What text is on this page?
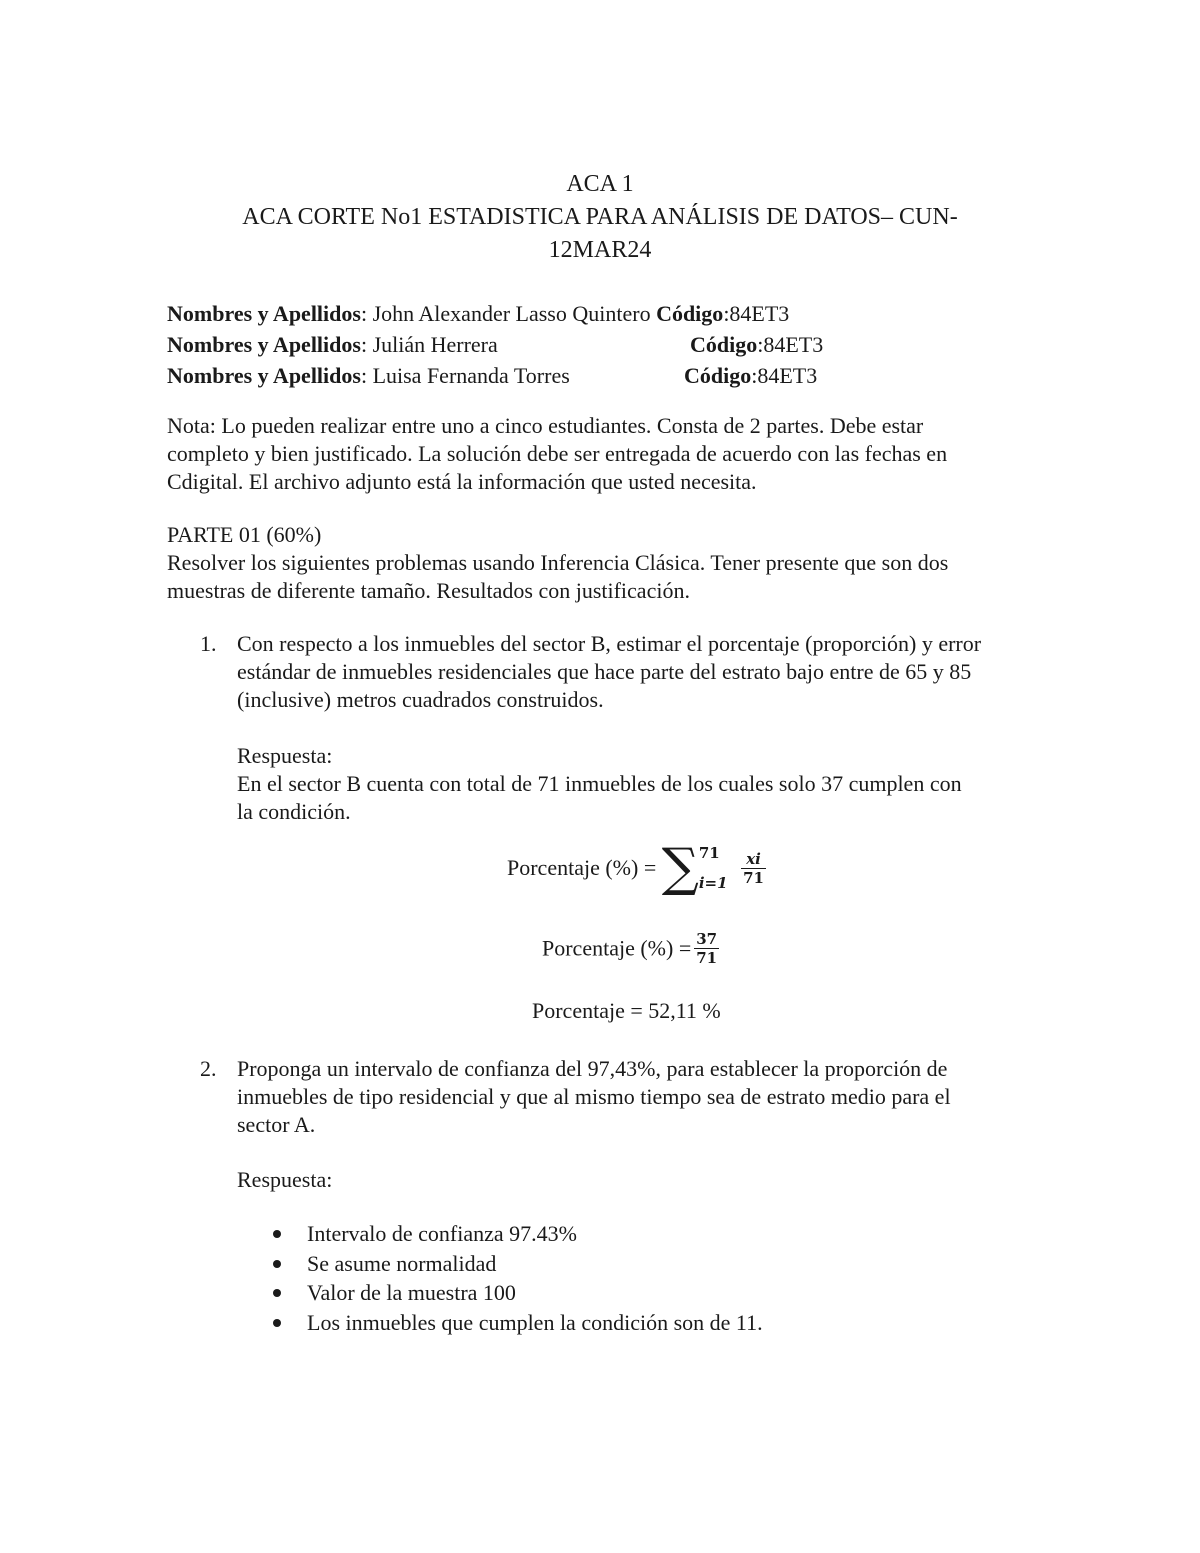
ACA 1
ACA CORTE No1 ESTADISTICA PARA ANÁLISIS DE DATOS– CUN-
12MAR24
Nombres y Apellidos: John Alexander Lasso Quintero Código:84ET3
Nombres y Apellidos: Julián Herrera	Código:84ET3
Nombres y Apellidos: Luisa Fernanda Torres	Código:84ET3

Nota: Lo pueden realizar entre uno a cinco estudiantes. Consta de 2 partes. Debe estar

completo y bien justificado. La solución debe ser entregada de acuerdo con las fechas en

Cdigital. El archivo adjunto está la información que usted necesita.

PARTE 01 (60%)

Resolver los siguientes problemas usando Inferencia Clásica. Tener presente que son dos

muestras de diferente tamaño. Resultados con justificación.

1. Con respecto a los inmuebles del sector B, estimar el porcentaje (proporción) y error

estándar de inmuebles residenciales que hace parte del estrato bajo entre de 65 y 85

(inclusive) metros cuadrados construidos.

Respuesta:

En el sector B cuenta con total de 71 inmuebles de los cuales solo 37 cumplen con

la condición.

Porcentaje (%) = ∑ 71
i=1
$\frac{xi}{71}$
Porcentaje (%) = $\frac{37}{71}$
Porcentaje = 52,11 %
2. Proponga un intervalo de confianza del 97,43%, para establecer la proporción de

inmuebles de tipo residencial y que al mismo tiempo sea de estrato medio para el

sector A.

Respuesta:

Intervalo de confianza 97.43%
Se asume normalidad
Valor de la muestra 100
Los inmuebles que cumplen la condición son de 11.
